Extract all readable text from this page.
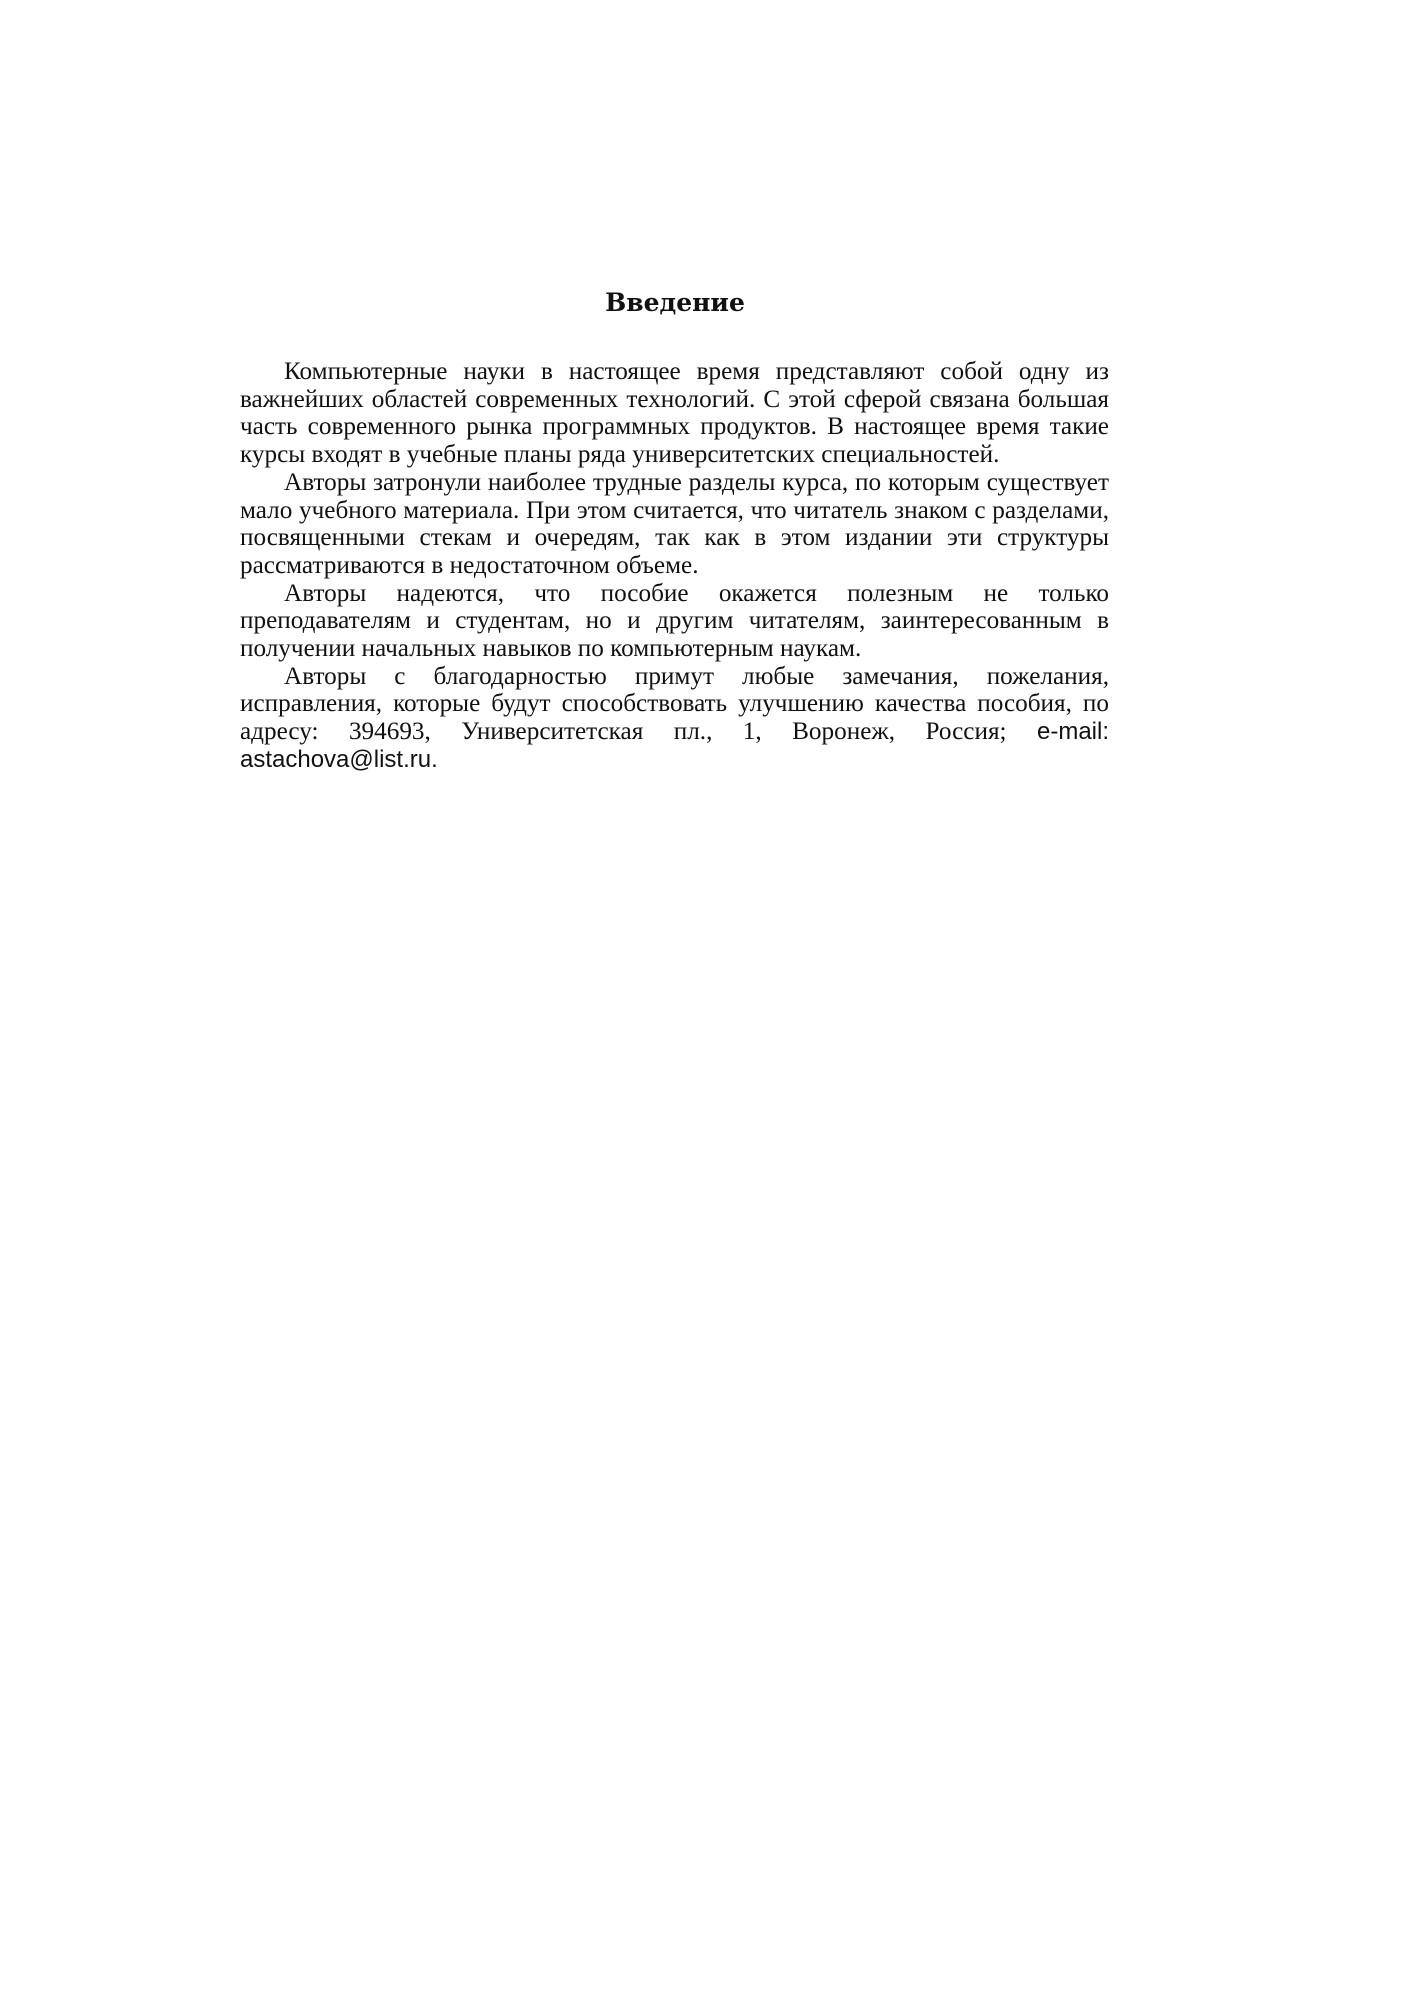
Введение

Компьютерные науки в настоящее время представляют собой одну из важнейших областей современных технологий. С этой сферой связана большая часть современного рынка программных продуктов. В настоящее время такие курсы входят в учебные планы ряда университетских специальностей.

Авторы затронули наиболее трудные разделы курса, по которым существует мало учебного материала. При этом считается, что читатель знаком с разделами, посвященными стекам и очередям, так как в этом издании эти структуры рассматриваются в недостаточном объеме.

Авторы надеются, что пособие окажется полезным не только преподавателям и студентам, но и другим читателям, заинтересованным в получении начальных навыков по компьютерным наукам.

Авторы с благодарностью примут любые замечания, пожелания, исправления, которые будут способствовать улучшению качества пособия, по адресу: 394693, Университетская пл., 1, Воронеж, Россия; e-mail: astachova@list.ru.
